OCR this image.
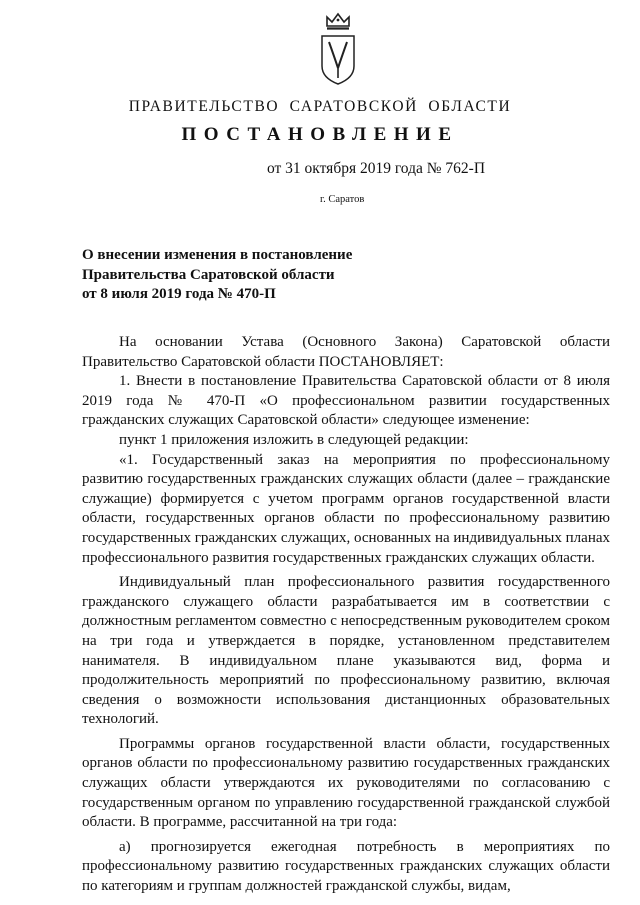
ПРАВИТЕЛЬСТВО САРАТОВСКОЙ ОБЛАСТИ
ПОСТАНОВЛЕНИЕ
от 31 октября 2019 года № 762-П
г. Саратов
О внесении изменения в постановление
Правительства Саратовской области
от 8 июля 2019 года № 470-П

На основании Устава (Основного Закона) Саратовской области Правительство Саратовской области ПОСТАНОВЛЯЕТ:

1. Внести в постановление Правительства Саратовской области от 8 июля 2019 года № 470-П «О профессиональном развитии государственных гражданских служащих Саратовской области» следующее изменение:

пункт 1 приложения изложить в следующей редакции:

«1. Государственный заказ на мероприятия по профессиональному развитию государственных гражданских служащих области (далее – гражданские служащие) формируется с учетом программ органов государственной власти области, государственных органов области по профессиональному развитию государственных гражданских служащих, основанных на индивидуальных планах профессионального развития государственных гражданских служащих области.

Индивидуальный план профессионального развития государственного гражданского служащего области разрабатывается им в соответствии с должностным регламентом совместно с непосредственным руководителем сроком на три года и утверждается в порядке, установленном представителем нанимателя. В индивидуальном плане указываются вид, форма и продолжительность мероприятий по профессиональному развитию, включая сведения о возможности использования дистанционных образовательных технологий.

Программы органов государственной власти области, государственных органов области по профессиональному развитию государственных гражданских служащих области утверждаются их руководителями по согласованию с государственным органом по управлению государственной гражданской службой области. В программе, рассчитанной на три года:

а) прогнозируется ежегодная потребность в мероприятиях по профессиональному развитию государственных гражданских служащих области по категориям и группам должностей гражданской службы, видам,
